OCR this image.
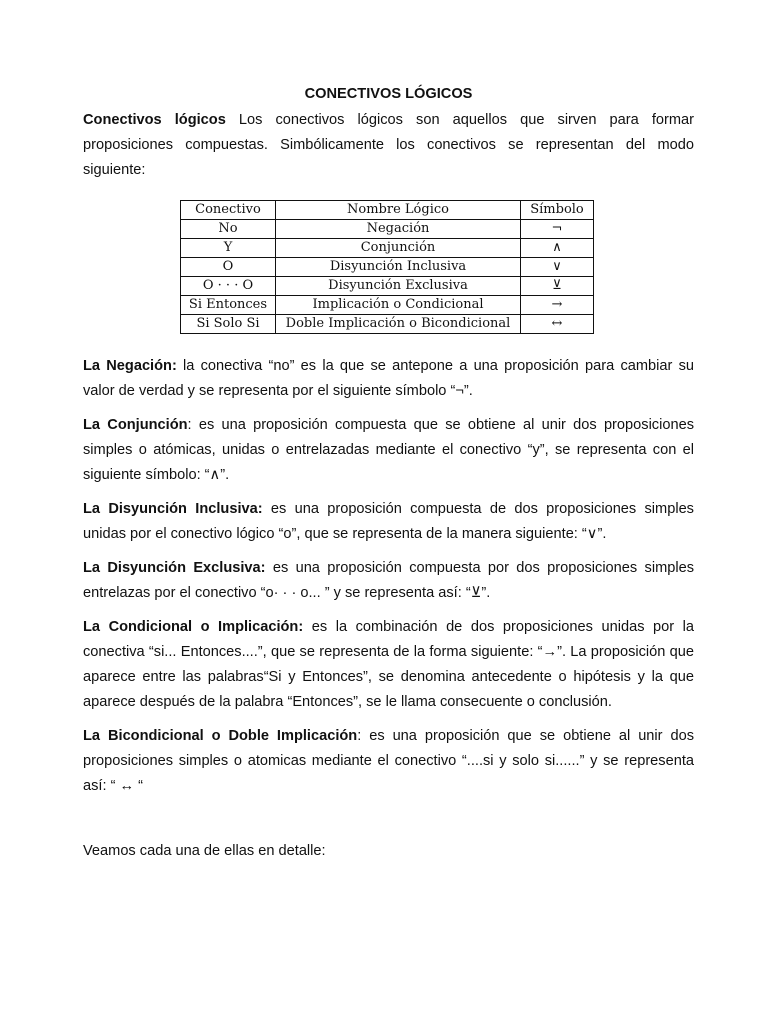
CONECTIVOS LÓGICOS

Conectivos lógicos Los conectivos lógicos son aquellos que sirven para formar proposiciones compuestas. Simbólicamente los conectivos se representan del modo siguiente:

Conectivo	Nombre Lógico	Símbolo
No	Negación	¬
Y	Conjunción	∧
O	Disyunción Inclusiva	∨
O · · · O	Disyunción Exclusiva	⊻
Si Entonces	Implicación o Condicional	→
Si Solo Si	Doble Implicación o Bicondicional	↔

La Negación: la conectiva “no” es la que se antepone a una proposición para cambiar su valor de verdad y se representa por el siguiente símbolo “¬”.

La Conjunción: es una proposición compuesta que se obtiene al unir dos proposiciones simples o atómicas, unidas o entrelazadas mediante el conectivo “y”, se representa con el siguiente símbolo: “∧”.

La Disyunción Inclusiva: es una proposición compuesta de dos proposiciones simples unidas por el conectivo lógico “o”, que se representa de la manera siguiente: “∨”.

La Disyunción Exclusiva: es una proposición compuesta por dos proposiciones simples entrelazas por el conectivo “o· · · o... ” y se representa así: “⊻”.

La Condicional o Implicación: es la combinación de dos proposiciones unidas por la conectiva “si... Entonces....”, que se representa de la forma siguiente: “→”. La proposición que aparece entre las palabras“Si y Entonces”, se denomina antecedente o hipótesis y la que aparece después de la palabra “Entonces”, se le llama consecuente o conclusión.

La Bicondicional o Doble Implicación: es una proposición que se obtiene al unir dos proposiciones simples o atomicas mediante el conectivo “....si y solo si......” y se representa así: “ ↔ “

Veamos cada una de ellas en detalle:
